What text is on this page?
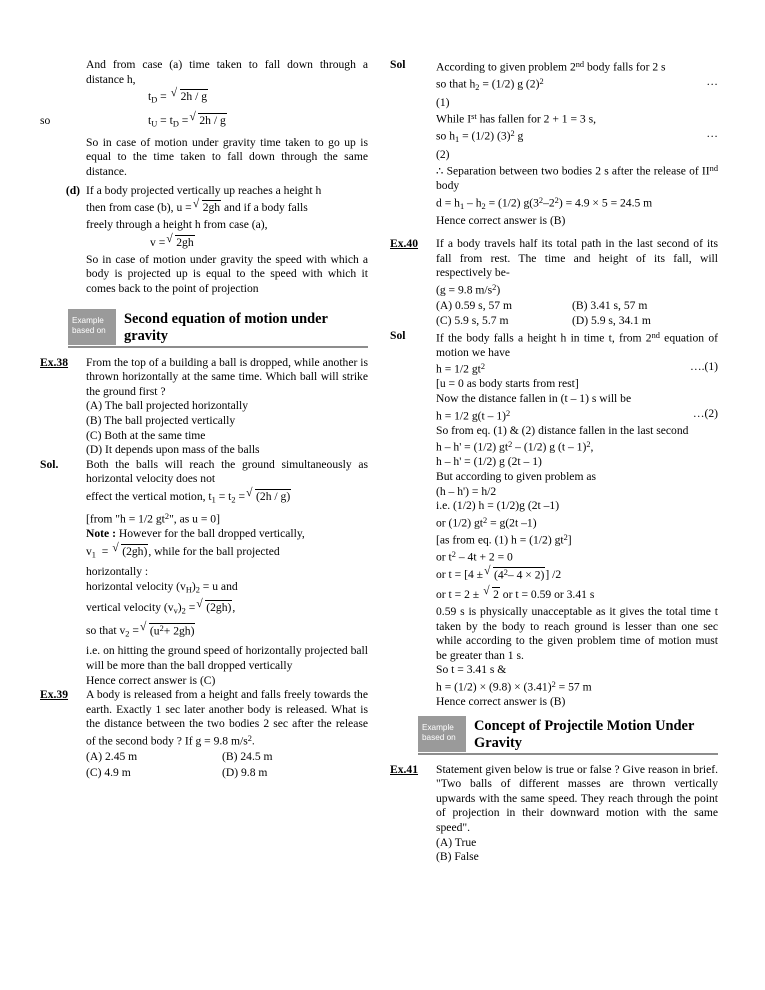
And from case (a) time taken to fall down through a distance h,
$t_D$ = √ 2h / g
so	$t_U = t_D$ = √ 2h / g
So in case of motion under gravity time taken to go up is equal to the time taken to fall down through the same distance.
(d) If a body projected vertically up reaches a height h
then from case (b), u = √ 2gh and if a body falls
freely through a height h from case (a),
v = √ 2gh
So in case of motion under gravity the speed with which a body is projected up is equal to the speed with which it comes back to the point of projection
Example
based on
Second equation of motion under gravity
Ex.38	From the top of a building a ball is dropped, while another is thrown horizontally at the same time. Which ball will strike the ground first ?
(A) The ball projected horizontally
(B) The ball projected vertically
(C) Both at the same time
(D) It depends upon mass of the balls
Sol.	Both the balls will reach the ground simultaneously as horizontal velocity does not
effect the vertical motion, $t_1 = t_2$ = √ (2h / g)
[from "h = 1/2 $gt^2$", as u = 0]
Note : However for the ball dropped vertically,
$v_1$ = √ (2gh), while for the ball projected
horizontally :
horizontal velocity $(v_H)_2 = u$ and
vertical velocity $(v_v)_2$ = √ (2gh),
so that $v_2$ = √ $(u^2+ 2gh)$
i.e. on hitting the ground speed of horizontally projected ball will be more than the ball dropped vertically
Hence correct answer is (C)
Ex.39	A body is released from a height and falls freely towards the earth. Exactly 1 sec later another body is released. What is the distance between the two bodies 2 sec after the release of the second body ? If g = 9.8 $m/s^2$.
(A) 2.45 m	(B) 24.5 m
(C) 4.9 m	(D) 9.8 m
Sol	According to given problem 2nd body falls for 2 s
so that $h_2 = (1/2)$ g $(2)^2$	…
(1)
While Ist has fallen for 2 + 1 = 3 s,
so $h_1 = (1/2)$ $(3)^2$ g	…
(2)
∴ Separation between two bodies 2 s after the release of IInd body
$d = h_1 - h_2 = (1/2) g(3^2-2^2) = 4.9 \times 5 = 24.5$ m
Hence correct answer is (B)
Ex.40	If a body travels half its total path in the last second of its fall from rest. The time and height of its fall, will respectively be-
(g = 9.8 $m/s^2$)
(A) 0.59 s, 57 m	(B) 3.41 s, 57 m
(C) 5.9 s, 5.7 m	(D) 5.9 s, 34.1 m
Sol	If the body falls a height h in time t, from 2nd equation of motion we have
h = 1/2 $gt^2$	….(1)
[u = 0 as body starts from rest]
Now the distance fallen in (t – 1) s will be
h = 1/2 g(t – 1)$^2$	…(2)
So from eq. (1) & (2) distance fallen in the last second
h – h' = (1/2) $gt^2 - (1/2)$ g (t – 1)$^2$,
h – h' = (1/2) g (2t – 1)
But according to given problem as
(h – h') = h/2
i.e. (1/2) h = (1/2)g (2t –1)
or (1/2) $gt^2 = g(2t$ –1)
[as from eq. (1) h = (1/2) $gt^2$]
or $t^2 - 4t + 2 = 0$
or t = [4 ± √ ($4^2-$ 4 × 2)] /2
or t = 2 ± √ 2 or t = 0.59 or 3.41 s
0.59 s is physically unacceptable as it gives the total time t taken by the body to reach ground is lesser than one sec while according to the given problem time of motion must be greater than 1 s.
So t = 3.41 s &
$h = (1/2) \times (9.8) \times (3.41)^2 = 57$ m
Hence correct answer is (B)
Example
based on
Concept of Projectile Motion Under Gravity
Ex.41	Statement given below is true or false ? Give reason in brief. "Two balls of different masses are thrown vertically upwards with the same speed. They reach through the point of projection in their downward motion with the same speed".
(A) True
(B) False
